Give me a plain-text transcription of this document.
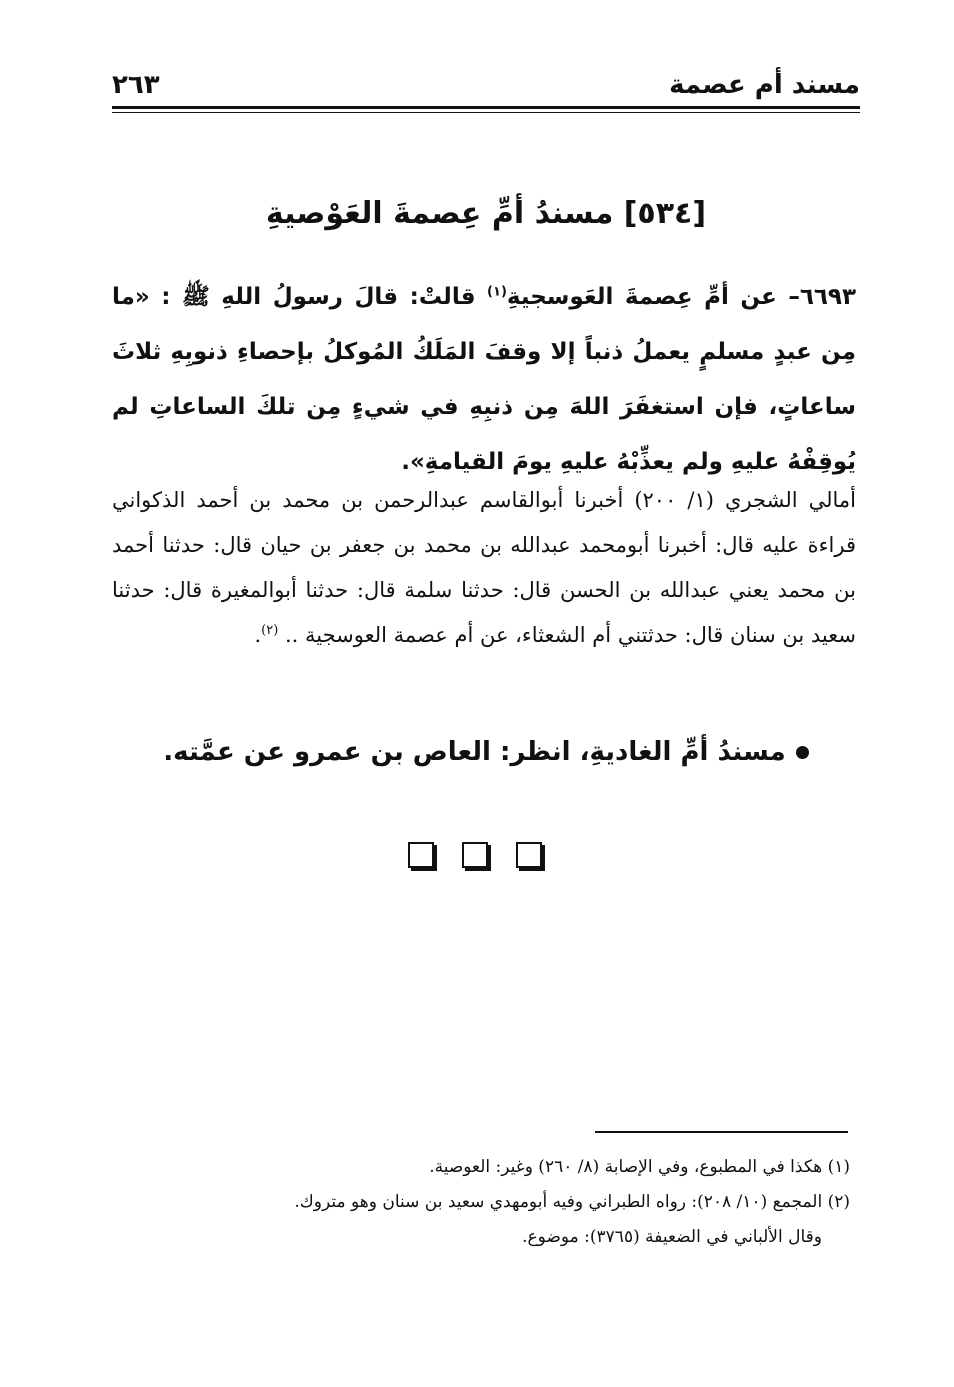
مسند أم عصمة
٢٦٣
[٥٣٤] مسندُ أمِّ عِصمةَ العَوْصيةِ
٦٦٩٣– عن أمِّ عِصمةَ العَوسجيةِ$^{(١)}$ قالتْ: قالَ رسولُ اللهِ ﷺ : «ما مِن عبدٍ مسلمٍ يعملُ ذنباً إلا وقفَ المَلَكُ المُوكلُ بإحصاءِ ذنوبِهِ ثلاثَ ساعاتٍ، فإن استغفَرَ اللهَ مِن ذنبِهِ في شيءٍ مِن تلكَ الساعاتِ لم يُوقِفْهُ عليهِ ولم يعذِّبْهُ عليهِ يومَ القيامةِ».
أمالي الشجري (١/ ٢٠٠) أخبرنا أبوالقاسم عبدالرحمن بن محمد بن أحمد الذكواني قراءة عليه قال: أخبرنا أبومحمد عبدالله بن محمد بن جعفر بن حيان قال: حدثنا أحمد بن محمد يعني عبدالله بن الحسن قال: حدثنا سلمة قال: حدثنا أبوالمغيرة قال: حدثنا سعيد بن سنان قال: حدثتني أم الشعثاء، عن أم عصمة العوسجية .. $^{(٢)}$.
مسندُ أمِّ الغاديةِ، انظر: العاص بن عمرو عن عمَّته.
(١) هكذا في المطبوع، وفي الإصابة (٨/ ٢٦٠) وغير: العوصية.
(٢) المجمع (١٠/ ٢٠٨): رواه الطبراني وفيه أبومهدي سعيد بن سنان وهو متروك.
وقال الألباني في الضعيفة (٣٧٦٥): موضوع.
